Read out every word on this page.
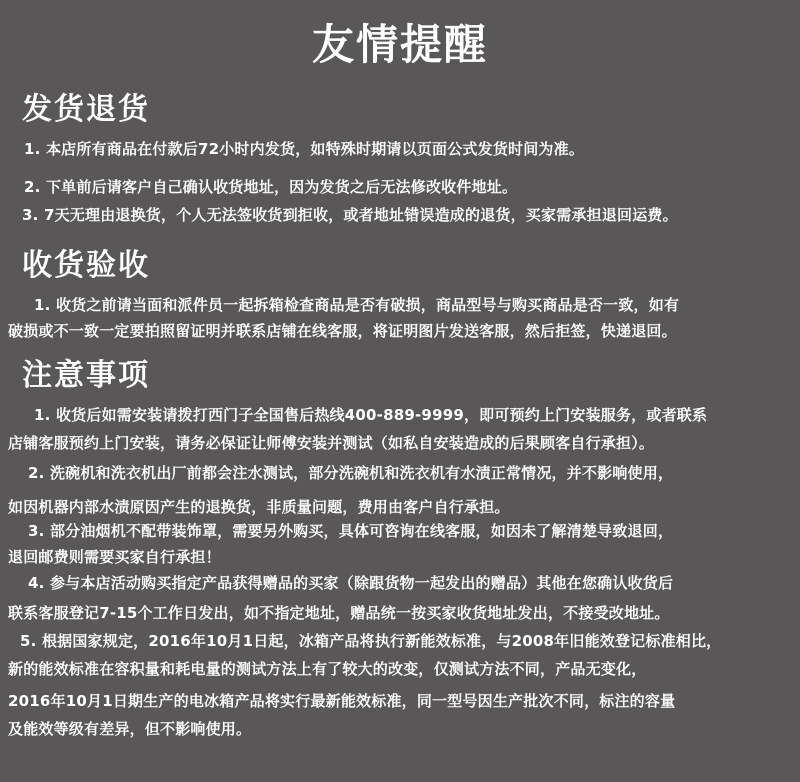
友情提醒
发货退货
1. 本店所有商品在付款后72小时内发货，如特殊时期请以页面公式发货时间为准。
2. 下单前后请客户自己确认收货地址，因为发货之后无法修改收件地址。
3. 7天无理由退换货，个人无法签收货到拒收，或者地址错误造成的退货，买家需承担退回运费。
收货验收
1. 收货之前请当面和派件员一起拆箱检查商品是否有破损，商品型号与购买商品是否一致，如有
破损或不一致一定要拍照留证明并联系店铺在线客服，将证明图片发送客服，然后拒签，快递退回。
注意事项
1. 收货后如需安装请拨打西门子全国售后热线400-889-9999，即可预约上门安装服务，或者联系
店铺客服预约上门安装，请务必保证让师傅安装并测试（如私自安装造成的后果顾客自行承担）。
2. 洗碗机和洗衣机出厂前都会注水测试，部分洗碗机和洗衣机有水渍正常情况，并不影响使用，
如因机器内部水渍原因产生的退换货，非质量问题，费用由客户自行承担。
3. 部分油烟机不配带装饰罩，需要另外购买，具体可咨询在线客服，如因未了解清楚导致退回，
退回邮费则需要买家自行承担！
4. 参与本店活动购买指定产品获得赠品的买家（除跟货物一起发出的赠品）其他在您确认收货后
联系客服登记7-15个工作日发出，如不指定地址，赠品统一按买家收货地址发出，不接受改地址。
5. 根据国家规定，2016年10月1日起，冰箱产品将执行新能效标准，与2008年旧能效登记标准相比，
新的能效标准在容积量和耗电量的测试方法上有了较大的改变，仅测试方法不同，产品无变化，
2016年10月1日期生产的电冰箱产品将实行最新能效标准，同一型号因生产批次不同，标注的容量
及能效等级有差异，但不影响使用。
